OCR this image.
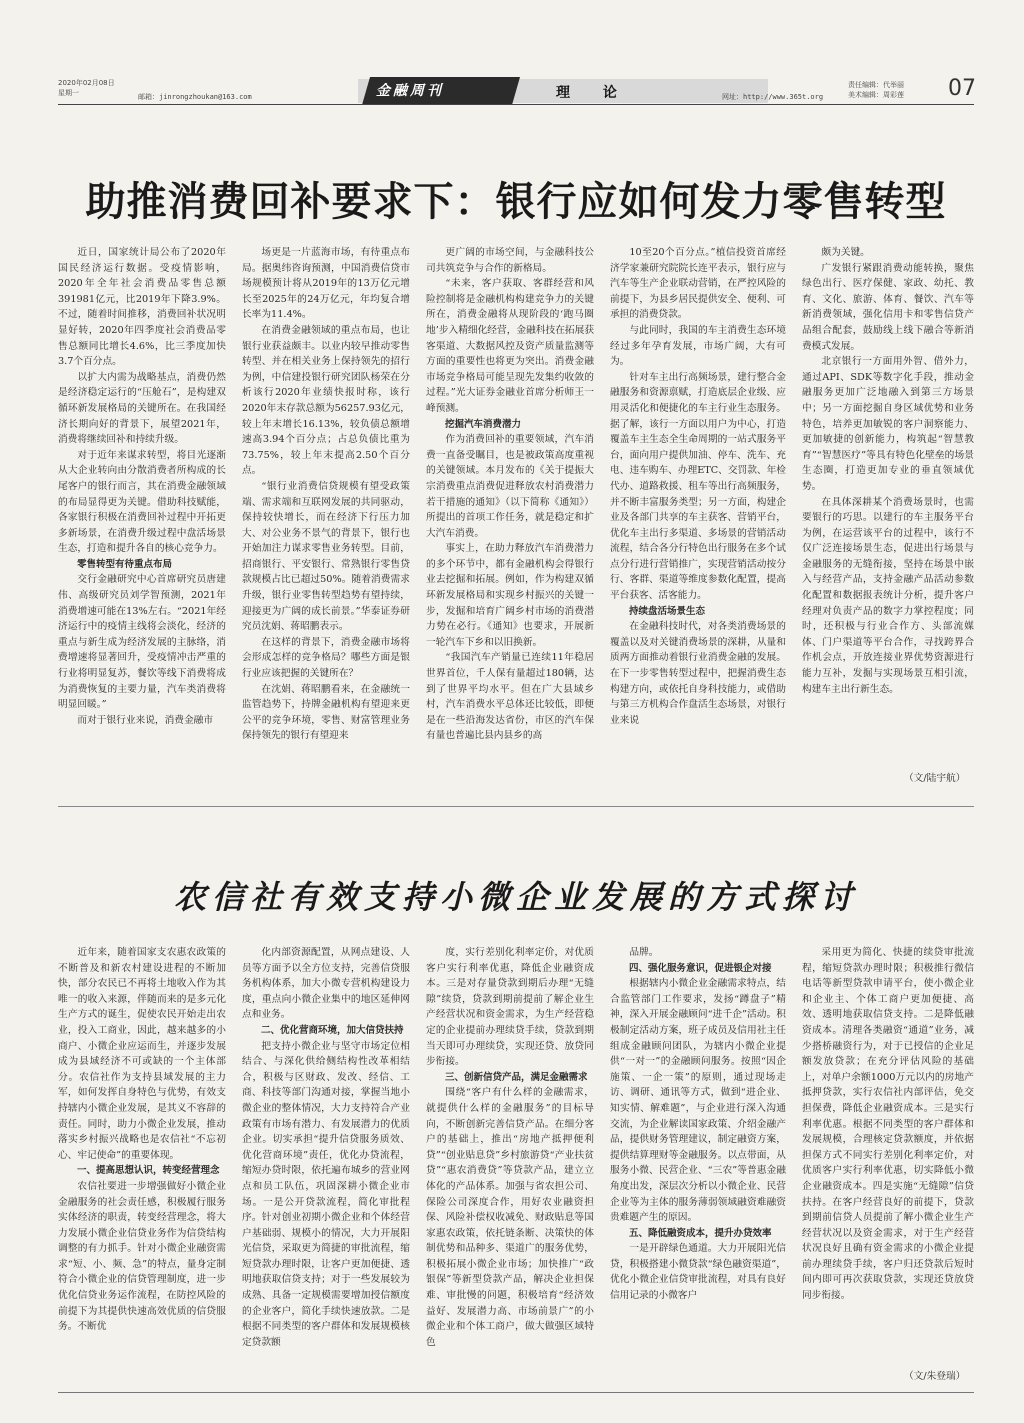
2020年02月08日
星期一	邮箱：jinrongzhoukan@163.com	金融周刊	理 论	网址：http://www.365t.org
责任编辑：代举丽
美术编辑：周彩莲 07
助推消费回补要求下：银行应如何发力零售转型

近日，国家统计局公布了2020年国民经济运行数据。受疫情影响，2020年全年社会消费品零售总额391981亿元，比2019年下降3.9%。不过，随着时间推移，消费回补状况明显好转，2020年四季度社会消费品零售总额同比增长4.6%，比三季度加快3.7个百分点。

以扩大内需为战略基点，消费仍然是经济稳定运行的“压舱石”，是构建双循环新发展格局的关键所在。在我国经济长期向好的背景下，展望2021年，消费将继续回补和持续升级。

对于近年来谋求转型，将目光逐渐从大企业转向由分散消费者所构成的长尾客户的银行而言，其在消费金融领域的布局显得更为关键。借助科技赋能，各家银行积极在消费回补过程中开拓更多新场景，在消费升级过程中盘活场景生态，打造和提升各自的核心竞争力。

零售转型有待重点布局

交行金融研究中心首席研究员唐建伟、高级研究员刘学智预测，2021年消费增速可能在13%左右。“2021年经济运行中的疫情主线将会淡化，经济的重点与新生成为经济发展的主脉络，消费增速将显著回升，受疫情冲击严重的行业将明显复苏，餐饮等线下消费将成为消费恢复的主要力量，汽车类消费将明显回暖。”

而对于银行业来说，消费金融市

场更是一片蓝海市场，有待重点布局。据奥纬咨询预测，中国消费信贷市场规模预计将从2019年的13万亿元增长至2025年的24万亿元，年均复合增长率为11.4%。

在消费金融领域的重点布局，也让银行业获益颇丰。以业内较早推动零售转型、并在相关业务上保持领先的招行为例，中信建投银行研究团队杨荣在分析该行2020年业绩快报时称，该行2020年末存款总额为56257.93亿元，较上年末增长16.13%，较负债总额增速高3.94个百分点；占总负债比重为73.75%，较上年末提高2.50个百分点。

“银行业消费信贷规模有望受政策端、需求端和互联网发展的共同驱动，保持较快增长，而在经济下行压力加大、对公业务不景气的背景下，银行也开始加注力谋求零售业务转型。目前，招商银行、平安银行、常熟银行零售贷款规模占比已超过50%。随着消费需求升级，银行业零售转型趋势有望持续，迎接更为广阔的成长前景。”华泰证券研究员沈娟、蒋昭鹏表示。

在这样的背景下，消费金融市场将会形成怎样的竞争格局？哪些方面是银行业应该把握的关键所在？

在沈娟、蒋昭鹏看来，在金融统一监管趋势下，持牌金融机构有望迎来更公平的竞争环境，零售、财富管理业务保持领先的银行有望迎来

更广阔的市场空间，与金融科技公司共筑竞争与合作的新格局。

“未来，客户获取、客群经营和风险控制将是金融机构构建竞争力的关键所在，消费金融将从现阶段的‘跑马圈地’步入精细化经营，金融科技在拓展获客渠道、大数据风控及资产质量监测等方面的重要性也将更为突出。消费金融市场竞争格局可能呈现先发集约收敛的过程。”光大证券金融业首席分析师王一峰预测。

挖掘汽车消费潜力

作为消费回补的重要领域，汽车消费一直备受瞩目，也是被政策高度重视的关键领域。本月发布的《关于提振大宗消费重点消费促进释放农村消费潜力若干措施的通知》（以下简称《通知》）所提出的首项工作任务，就是稳定和扩大汽车消费。

事实上，在助力释放汽车消费潜力的多个环节中，都有金融机构会得银行业去挖掘和拓展。例如，作为构建双循环新发展格局和实现乡村振兴的关键一步，发掘和培育广阔乡村市场的消费潜力势在必行。《通知》也要求，开展新一轮汽车下乡和以旧换新。

“我国汽车产销量已连续11年稳居世界首位，千人保有量超过180辆，达到了世界平均水平。但在广大县域乡村，汽车消费水平总体还比较低，即便是在一些沿海发达省份，市区的汽车保有量也普遍比县内县乡的高

10至20个百分点。”植信投资首席经济学家兼研究院院长连平表示，银行应与汽车等生产企业联动营销，在严控风险的前提下，为县乡居民提供安全、便利、可承担的消费贷款。

与此同时，我国的车主消费生态环境经过多年孕育发展，市场广阔，大有可为。

针对车主出行高频场景，建行整合金融服务和资源禀赋，打造底层企业级、应用灵活化和便捷化的车主行业生态服务。据了解，该行一方面以用户为中心，打造覆盖车主生态全生命周期的一站式服务平台，面向用户提供加油、停车、洗车、充电、违车购车、办理ETC、交罚款、年检代办、道路救援、租车等出行高频服务，并不断丰富服务类型；另一方面，构建企业及各部门共享的车主获客、营销平台，优化车主出行多渠道、多场景的营销活动流程，结合各分行特色出行服务在多个试点分行进行营销推广，实现营销活动按分行、客群、渠道等维度参数化配置，提高平台获客、活客能力。

持续盘活场景生态

在金融科技时代，对各类消费场景的覆盖以及对关键消费场景的深耕，从量和质两方面推动着银行业消费金融的发展。在下一步零售转型过程中，把握消费生态构建方向，或依托自身科技能力，或借助与第三方机构合作盘活生态场景，对银行业来说

颇为关键。

广发银行紧跟消费动能转换，聚焦绿色出行、医疗保健、家政、幼托、教育、文化、旅游、体育、餐饮、汽车等新消费领域，强化信用卡和零售信贷产品组合配套，鼓励线上线下融合等新消费模式发展。

北京银行一方面用外智、借外力，通过API、SDK等数字化手段，推动金融服务更加广泛地融入到第三方场景中；另一方面挖掘自身区域优势和业务特色，培养更加敏锐的客户洞察能力、更加敏捷的创新能力，构筑起“智慧教育”“智慧医疗”等具有特色化壁垒的场景生态圈，打造更加专业的垂直领域优势。

在具体深耕某个消费场景时，也需要银行的巧思。以建行的车主服务平台为例，在运营该平台的过程中，该行不仅广泛连接场景生态，促进出行场景与金融服务的无缝衔接，坚持在场景中嵌入与经营产品，支持金融产品活动参数化配置和数据报表统计分析，提升客户经理对负责产品的数字力掌控程度；同时，还积极与行业合作方、头部流媒体、门户渠道等平台合作，寻找跨界合作机会点，开放连接业界优势资源进行能力互补，发掘与实现场景互相引流，构建车主出行新生态。

（文/陆宇航）
农信社有效支持小微企业发展的方式探讨

近年来，随着国家支农惠农政策的不断普及和新农村建设进程的不断加快，部分农民已不再将土地收入作为其唯一的收入来源，伴随而来的是多元化生产方式的诞生，促使农民开始走出农业，投入工商业，因此，越来越多的小商户、小微企业应运而生，并逐步发展成为县域经济不可或缺的一个主体部分。农信社作为支持县域发展的主力军，如何发挥自身特色与优势，有效支持辖内小微企业发展，是其义不容辞的责任。同时，助力小微企业发展，推动落实乡村振兴战略也是农信社“不忘初心、牢记使命”的重要体现。

一、提高思想认识，转变经营理念

农信社要进一步增强做好小微企业金融服务的社会责任感，积极履行服务实体经济的职责，转变经营理念，将大力发展小微企业信贷业务作为信贷结构调整的有力抓手。针对小微企业融资需求“短、小、频、急”的特点，量身定制符合小微企业的信贷管理制度，进一步优化信贷业务运作流程，在防控风险的前提下为其提供快速高效优质的信贷服务。不断优

化内部资源配置，从网点建设、人员等方面予以全方位支持，完善信贷服务机构体系，加大小微专营机构建设力度，重点向小微企业集中的地区延伸网点和业务。

二、优化营商环境，加大信贷扶持

把支持小微企业与坚守市场定位相结合、与深化供给侧结构性改革相结合，积极与区财政、发改、经信、工商、科技等部门沟通对接，掌握当地小微企业的整体情况，大力支持符合产业政策有市场有潜力、有发展潜力的优质企业。切实承担“提升信贷服务质效、优化营商环境”责任，优化办贷流程，缩短办贷时限，依托遍布城乡的营业网点和员工队伍，巩固深耕小微企业市场。一是公开贷款流程，简化审批程序。针对创业初期小微企业和个体经营户基础弱、规模小的情况，大力开展阳光信贷，采取更为简捷的审批流程，缩短贷款办理时限，让客户更加便捷、透明地获取信贷支持；对于一些发展较为成熟、具备一定规模需要增加授信额度的企业客户，简化手续快速放款。二是根据不同类型的客户群体和发展规模核定贷款额

度，实行差别化利率定价，对优质客户实行利率优惠，降低企业融资成本。三是对存量贷款到期后办理“无缝隙”续贷，贷款到期前提前了解企业生产经营状况和资金需求，为生产经营稳定的企业提前办理续贷手续，贷款到期当天即可办理续贷，实现还贷、放贷同步衔接。

三、创新信贷产品，满足金融需求

围绕“客户有什么样的金融需求，就提供什么样的金融服务”的目标导向，不断创新完善信贷产品。在细分客户的基础上，推出“房地产抵押便利贷”“创业贴息贷”乡村旅游贷“产业扶贫贷”“惠农消费贷”等贷款产品，建立立体化的产品体系。加强与省农担公司、保险公司深度合作，用好农业融资担保、风险补偿权收减免、财政贴息等国家惠农政策，依托链条断、决策快的体制优势和品种多、渠道广的服务优势，积极拓展小微企业市场；加快推广“政银保”等新型贷款产品，解决企业担保难、审批慢的问题，积极培育“经济效益好、发展潜力高、市场前景广”的小微企业和个体工商户，做大做强区域特色

品牌。

四、强化服务意识，促进银企对接

根据辖内小微企业金融需求特点，结合监管部门工作要求，发扬“蹲盘子”精神，深入开展金融顾问“进千企”活动。积极制定活动方案，班子成员及信用社主任组成金融顾问团队，为辖内小微企业提供“一对一”的金融顾问服务。按照“因企施策、一企一策”的原则，通过现场走访、调研、通讯等方式，做到“进企业、知实情、解难题”，与企业进行深入沟通交流，为企业解读国家政策、介绍金融产品，提供财务管理建议，制定融资方案，提供结算理财等金融服务。以点带面，从服务小微、民营企业、“三农”等普惠金融角度出发，深层次分析以小微企业、民营企业等为主体的服务薄弱领域融资难融资贵难题产生的原因。

五、降低融资成本，提升办贷效率

一是开辟绿色通道。大力开展阳光信贷，积极搭建小微贷款“绿色融资渠道”，优化小微企业信贷审批流程，对具有良好信用记录的小微客户

采用更为简化、快捷的续贷审批流程，缩短贷款办理时限；积极推行微信电话等新型贷款申请平台，使小微企业和企业主、个体工商户更加便捷、高效、透明地获取信贷支持。二是降低融资成本。清理各类融资“通道”业务，减少搭桥融资行为，对于已授信的企业足额发放贷款；在充分评估风险的基础上，对单户余额1000万元以内的房地产抵押贷款，实行农信社内部评估，免交担保费，降低企业融资成本。三是实行利率优惠。根据不同类型的客户群体和发展规模，合理核定贷款额度，并依据担保方式不同实行差别化利率定价，对优质客户实行利率优惠，切实降低小微企业融资成本。四是实施“无缝隙”信贷扶持。在客户经营良好的前提下，贷款到期前信贷人员提前了解小微企业生产经营状况以及资金需求，对于生产经营状况良好且确有资金需求的小微企业提前办理续贷手续，客户归还贷款后短时间内即可再次获取贷款，实现还贷放贷同步衔接。

（文/朱登瑞）
